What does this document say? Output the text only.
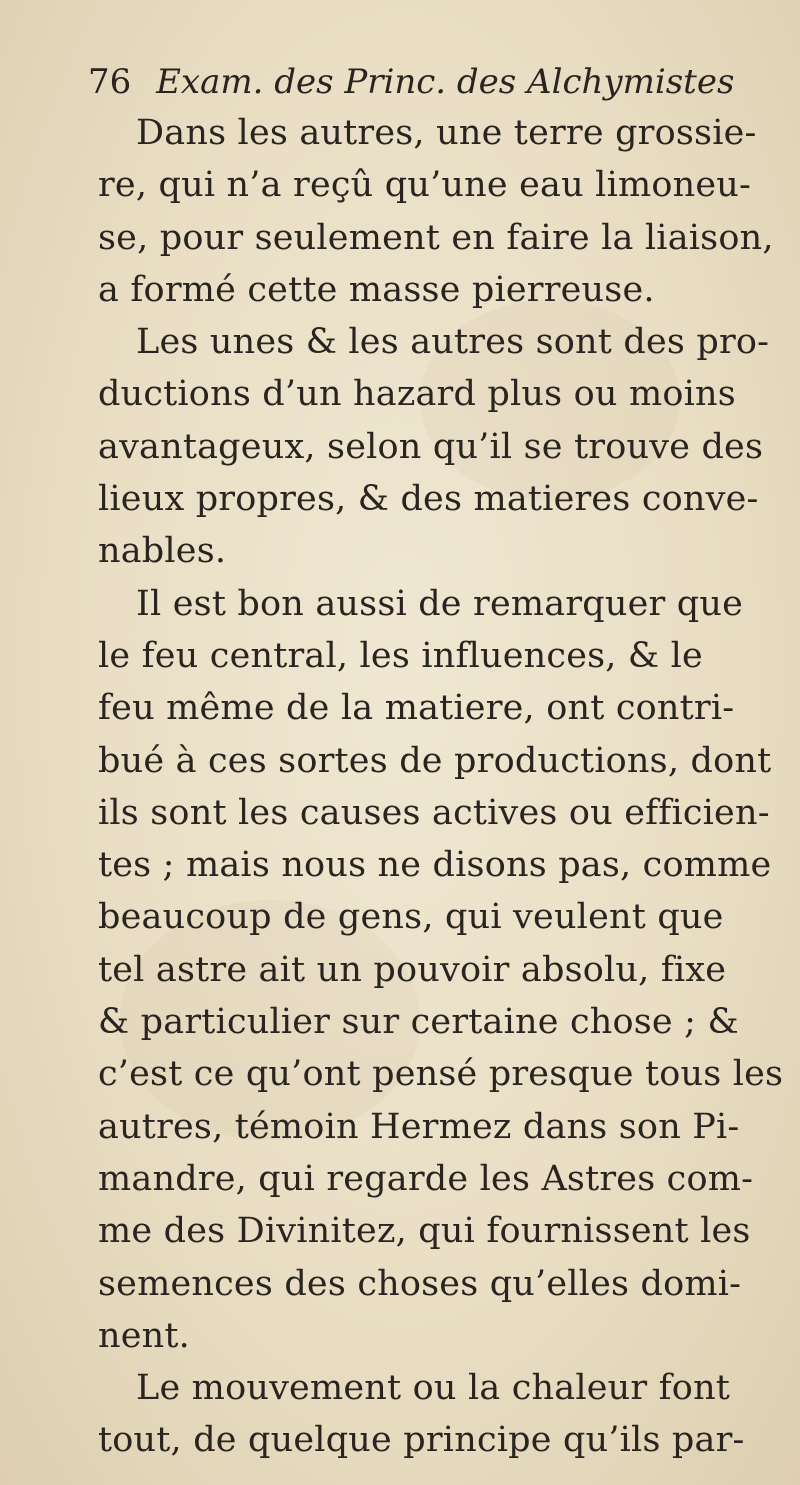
76 Exam. des Princ. des Alchymistes
Dans les autres, une terre grossie-
re, qui n’a reçû qu’une eau limoneu-
se, pour seulement en faire la liaison,
a formé cette masse pierreuse.
Les unes & les autres sont des pro-
ductions d’un hazard plus ou moins
avantageux, selon qu’il se trouve des
lieux propres, & des matieres conve-
nables.
Il est bon aussi de remarquer que
le feu central, les influences, & le
feu même de la matiere, ont contri-
bué à ces sortes de productions, dont
ils sont les causes actives ou efficien-
tes ; mais nous ne disons pas, comme
beaucoup de gens, qui veulent que
tel astre ait un pouvoir absolu, fixe
& particulier sur certaine chose ; &
c’est ce qu’ont pensé presque tous les
autres, témoin Hermez dans son Pi-
mandre, qui regarde les Astres com-
me des Divinitez, qui fournissent les
semences des choses qu’elles domi-
nent.
Le mouvement ou la chaleur font
tout, de quelque principe qu’ils par-
